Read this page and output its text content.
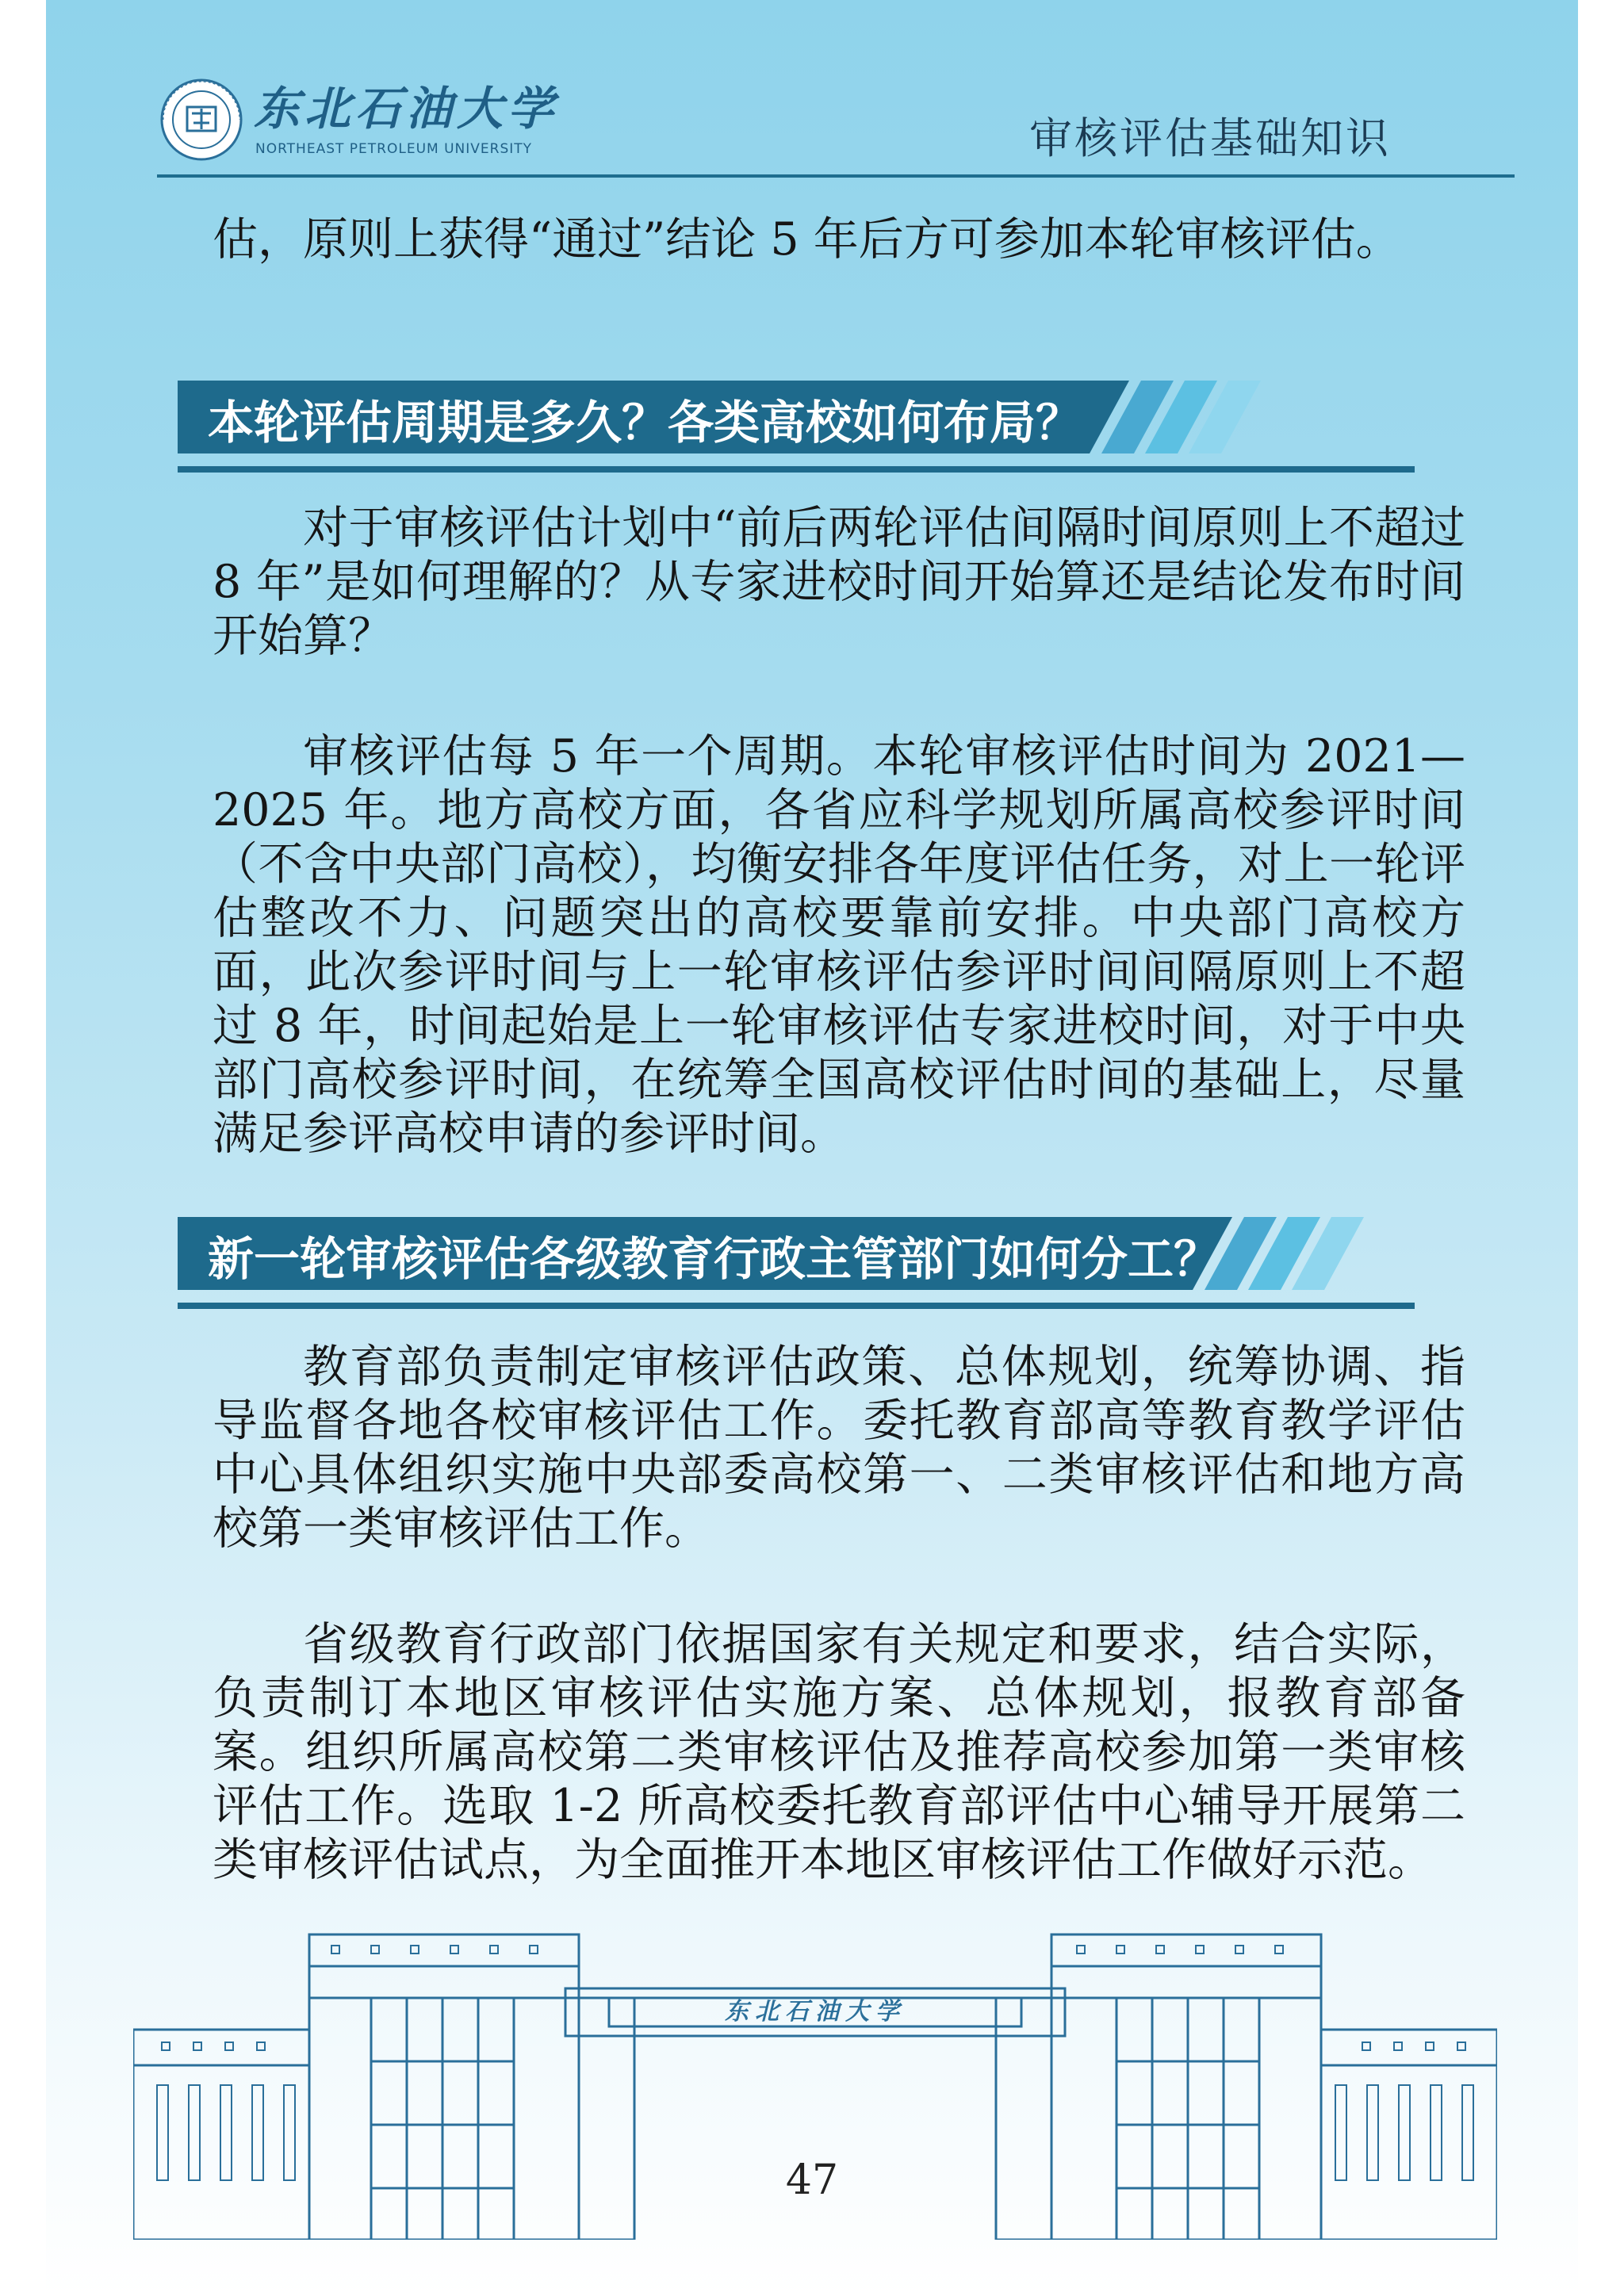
东北石油大学
NORTHEAST PETROLEUM UNIVERSITY	审核评估基础知识

估，原则上获得“通过”结论 5 年后方可参加本轮审核评估。

本轮评估周期是多久？各类高校如何布局？

对于审核评估计划中“前后两轮评估间隔时间原则上不超过 8 年”是如何理解的？从专家进校时间开始算还是结论发布时间开始算？

审核评估每 5 年一个周期。本轮审核评估时间为 2021—2025 年。地方高校方面，各省应科学规划所属高校参评时间（不含中央部门高校），均衡安排各年度评估任务，对上一轮评估整改不力、问题突出的高校要靠前安排。中央部门高校方面，此次参评时间与上一轮审核评估参评时间间隔原则上不超过 8 年，时间起始是上一轮审核评估专家进校时间，对于中央部门高校参评时间，在统筹全国高校评估时间的基础上，尽量满足参评高校申请的参评时间。

新一轮审核评估各级教育行政主管部门如何分工？

教育部负责制定审核评估政策、总体规划，统筹协调、指导监督各地各校审核评估工作。委托教育部高等教育教学评估中心具体组织实施中央部委高校第一、二类审核评估和地方高校第一类审核评估工作。

省级教育行政部门依据国家有关规定和要求，结合实际，负责制订本地区审核评估实施方案、总体规划，报教育部备案。组织所属高校第二类审核评估及推荐高校参加第一类审核评估工作。选取 1-2 所高校委托教育部评估中心辅导开展第二类审核评估试点，为全面推开本地区审核评估工作做好示范。

东北石油大学
47
